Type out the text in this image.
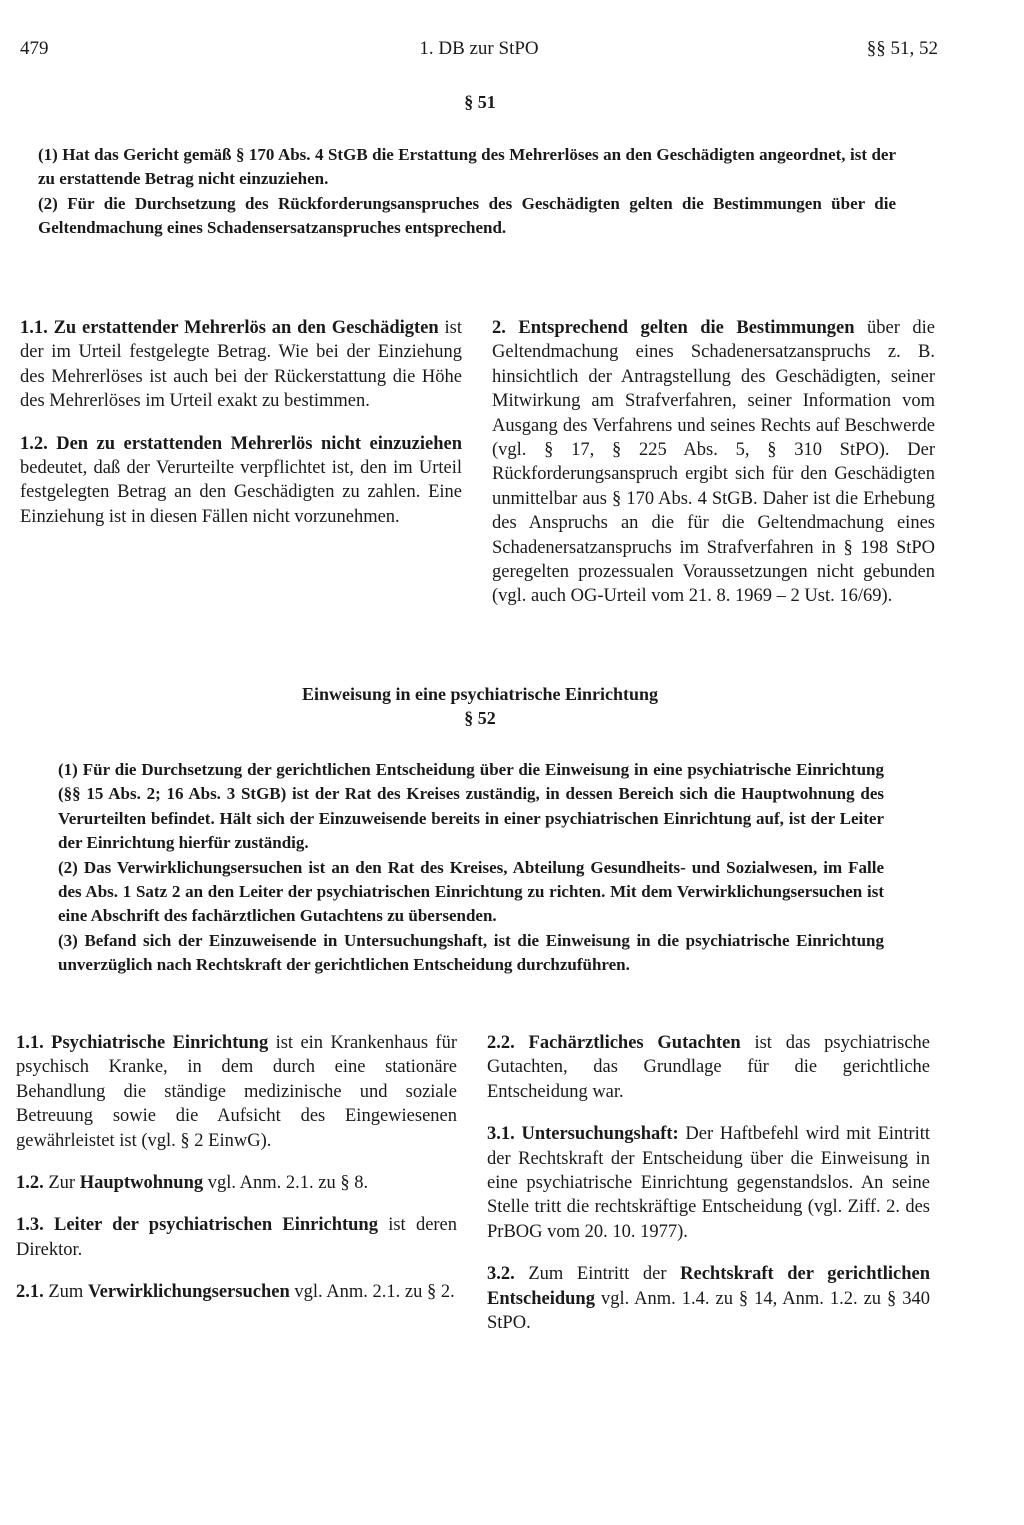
479	1. DB zur StPO	§§ 51, 52
§ 51

(1) Hat das Gericht gemäß § 170 Abs. 4 StGB die Erstattung des Mehrerlöses an den Geschädigten angeordnet, ist der zu erstattende Betrag nicht einzuziehen.

(2) Für die Durchsetzung des Rückforderungsanspruches des Geschädigten gelten die Bestimmungen über die Geltendmachung eines Schadensersatzanspruches entsprechend.

1.1. Zu erstattender Mehrerlös an den Geschädigten ist der im Urteil festgelegte Betrag. Wie bei der Einziehung des Mehrerlöses ist auch bei der Rückerstattung die Höhe des Mehrerlöses im Urteil exakt zu bestimmen.

1.2. Den zu erstattenden Mehrerlös nicht einzuziehen bedeutet, daß der Verurteilte verpflichtet ist, den im Urteil festgelegten Betrag an den Geschädigten zu zahlen. Eine Einziehung ist in diesen Fällen nicht vorzunehmen.

2. Entsprechend gelten die Bestimmungen über die Geltendmachung eines Schadenersatzanspruchs z. B. hinsichtlich der Antragstellung des Geschädigten, seiner Mitwirkung am Strafverfahren, seiner Information vom Ausgang des Verfahrens und seines Rechts auf Beschwerde (vgl. § 17, § 225 Abs. 5, § 310 StPO). Der Rückforderungsanspruch ergibt sich für den Geschädigten unmittelbar aus § 170 Abs. 4 StGB. Daher ist die Erhebung des Anspruchs an die für die Geltendmachung eines Schadenersatzanspruchs im Strafverfahren in § 198 StPO geregelten prozessualen Voraussetzungen nicht gebunden (vgl. auch OG-Urteil vom 21. 8. 1969 – 2 Ust. 16/69).

Einweisung in eine psychiatrische Einrichtung
§ 52

(1) Für die Durchsetzung der gerichtlichen Entscheidung über die Einweisung in eine psychiatrische Einrichtung (§§ 15 Abs. 2; 16 Abs. 3 StGB) ist der Rat des Kreises zuständig, in dessen Bereich sich die Hauptwohnung des Verurteilten befindet. Hält sich der Einzuweisende bereits in einer psychiatrischen Einrichtung auf, ist der Leiter der Einrichtung hierfür zuständig.

(2) Das Verwirklichungsersuchen ist an den Rat des Kreises, Abteilung Gesundheits- und Sozialwesen, im Falle des Abs. 1 Satz 2 an den Leiter der psychiatrischen Einrichtung zu richten. Mit dem Verwirklichungsersuchen ist eine Abschrift des fachärztlichen Gutachtens zu übersenden.

(3) Befand sich der Einzuweisende in Untersuchungshaft, ist die Einweisung in die psychiatrische Einrichtung unverzüglich nach Rechtskraft der gerichtlichen Entscheidung durchzuführen.

1.1. Psychiatrische Einrichtung ist ein Krankenhaus für psychisch Kranke, in dem durch eine stationäre Behandlung die ständige medizinische und soziale Betreuung sowie die Aufsicht des Eingewiesenen gewährleistet ist (vgl. § 2 EinwG).

1.2. Zur Hauptwohnung vgl. Anm. 2.1. zu § 8.

1.3. Leiter der psychiatrischen Einrichtung ist deren Direktor.

2.1. Zum Verwirklichungsersuchen vgl. Anm. 2.1. zu § 2.

2.2. Fachärztliches Gutachten ist das psychiatrische Gutachten, das Grundlage für die gerichtliche Entscheidung war.

3.1. Untersuchungshaft: Der Haftbefehl wird mit Eintritt der Rechtskraft der Entscheidung über die Einweisung in eine psychiatrische Einrichtung gegenstandslos. An seine Stelle tritt die rechtskräftige Entscheidung (vgl. Ziff. 2. des PrBOG vom 20. 10. 1977).

3.2. Zum Eintritt der Rechtskraft der gerichtlichen Entscheidung vgl. Anm. 1.4. zu § 14, Anm. 1.2. zu § 340 StPO.
